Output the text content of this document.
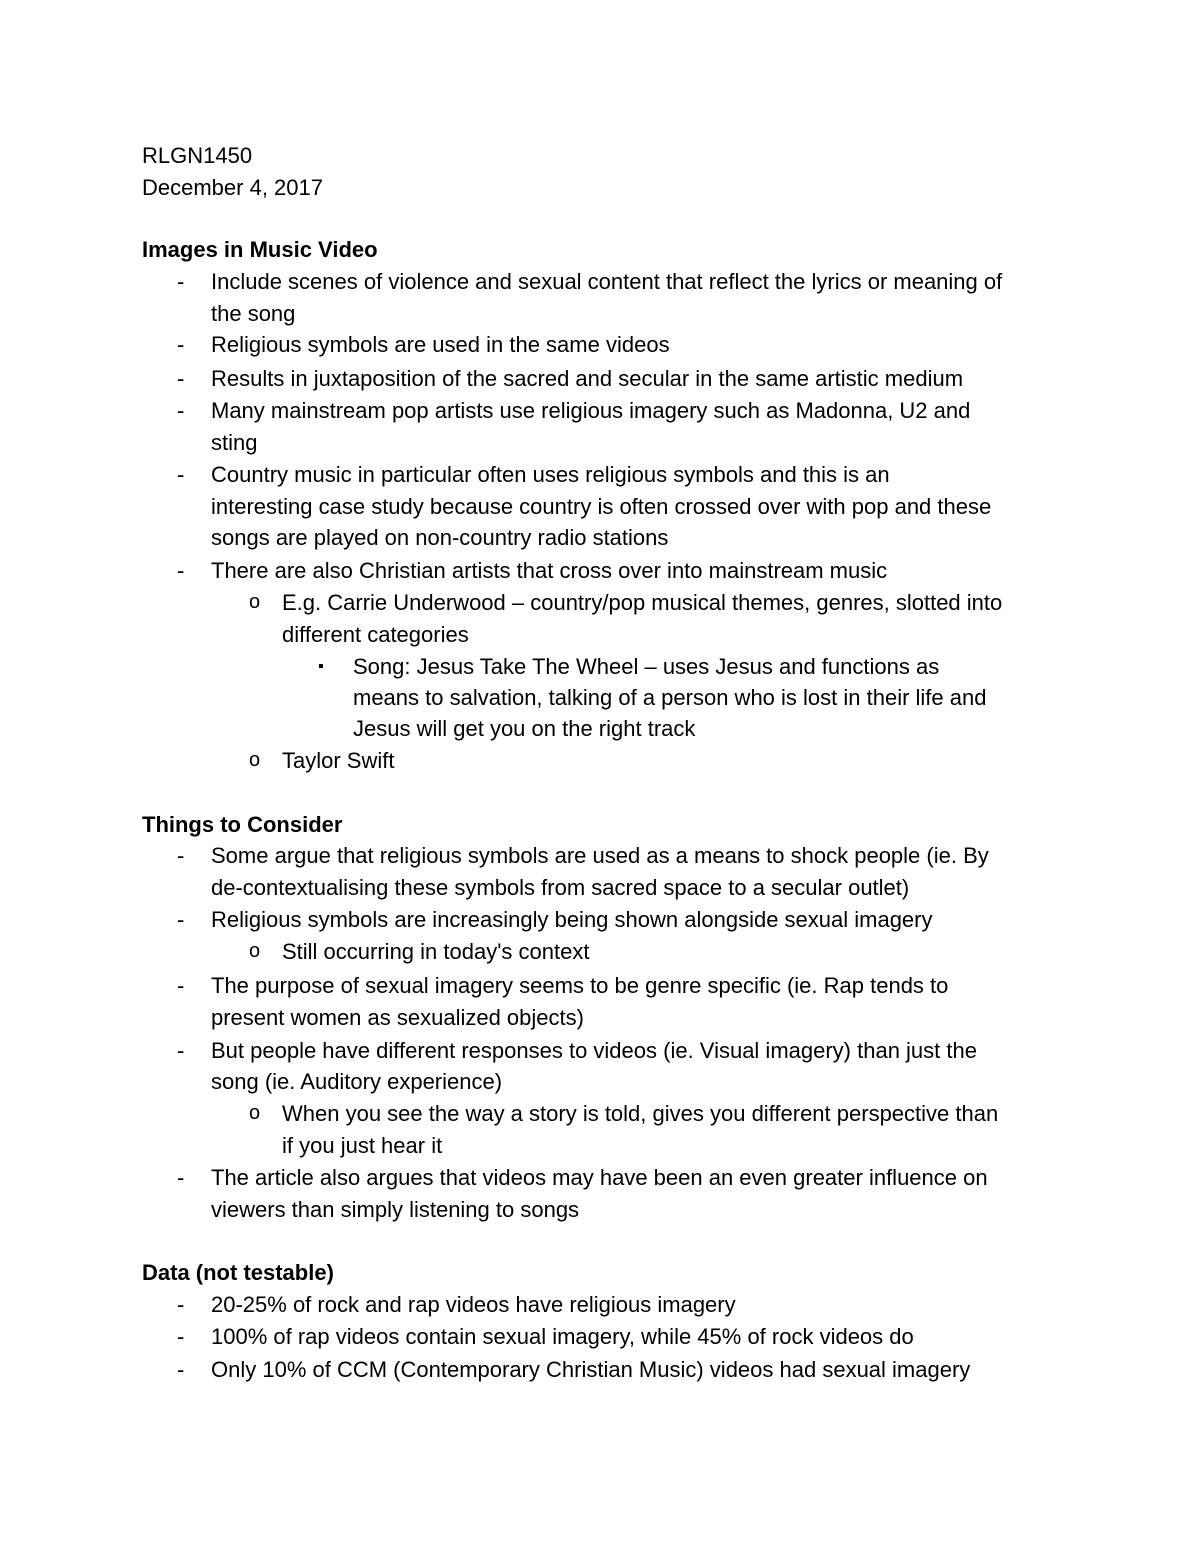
RLGN1450
December 4, 2017
Images in Music Video
- Include scenes of violence and sexual content that reflect the lyrics or meaning of
the song
- Religious symbols are used in the same videos
- Results in juxtaposition of the sacred and secular in the same artistic medium
- Many mainstream pop artists use religious imagery such as Madonna, U2 and
sting
- Country music in particular often uses religious symbols and this is an
interesting case study because country is often crossed over with pop and these
songs are played on non-country radio stations
- There are also Christian artists that cross over into mainstream music
o E.g. Carrie Underwood – country/pop musical themes, genres, slotted into
different categories
▪ Song: Jesus Take The Wheel – uses Jesus and functions as
means to salvation, talking of a person who is lost in their life and
Jesus will get you on the right track
o Taylor Swift
Things to Consider
- Some argue that religious symbols are used as a means to shock people (ie. By
de-contextualising these symbols from sacred space to a secular outlet)
- Religious symbols are increasingly being shown alongside sexual imagery
o Still occurring in today's context
- The purpose of sexual imagery seems to be genre specific (ie. Rap tends to
present women as sexualized objects)
- But people have different responses to videos (ie. Visual imagery) than just the
song (ie. Auditory experience)
o When you see the way a story is told, gives you different perspective than
if you just hear it
- The article also argues that videos may have been an even greater influence on
viewers than simply listening to songs
Data (not testable)
- 20-25% of rock and rap videos have religious imagery
- 100% of rap videos contain sexual imagery, while 45% of rock videos do
- Only 10% of CCM (Contemporary Christian Music) videos had sexual imagery
